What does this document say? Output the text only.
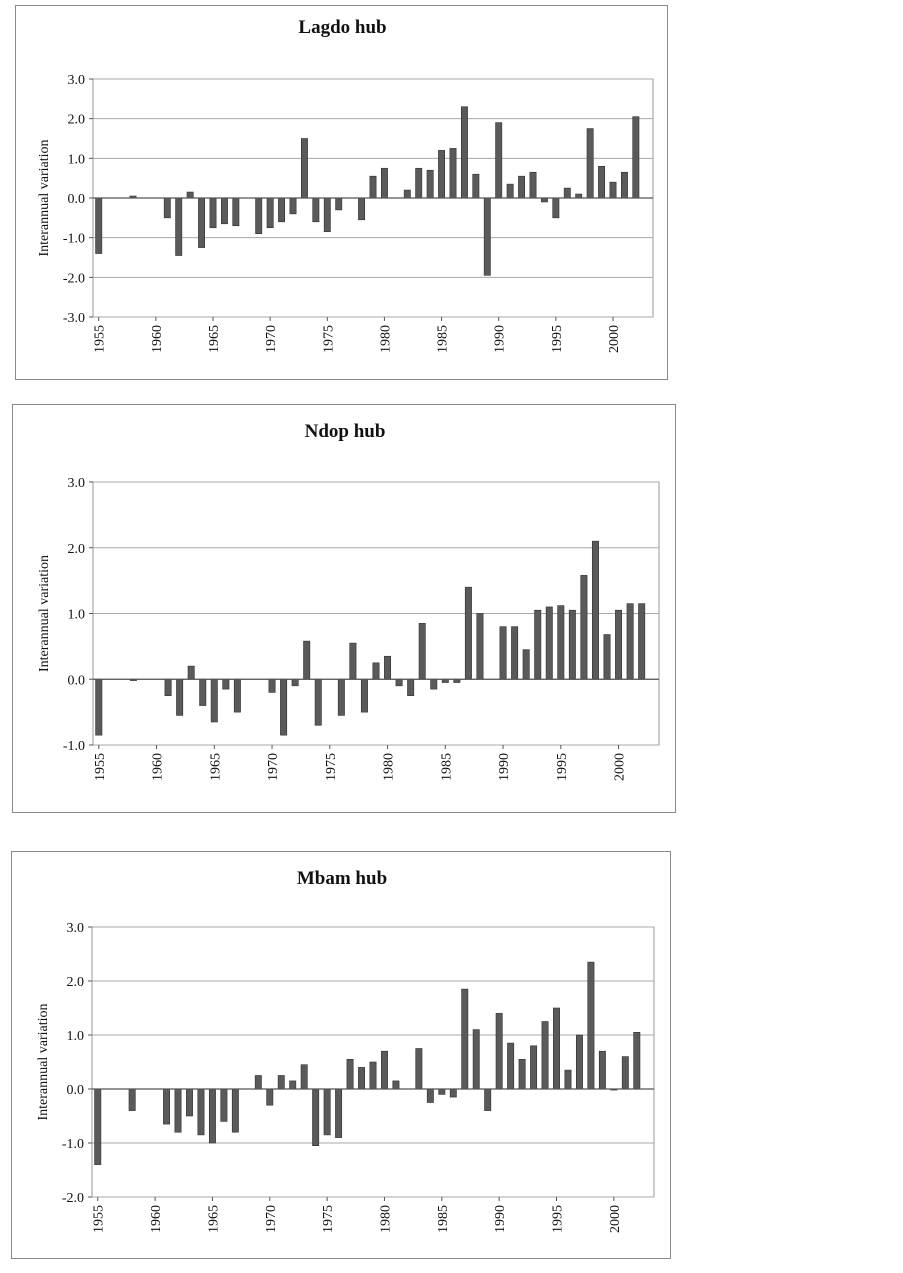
Lagdo hub
3.0
2.0
1.0
0.0
-1.0
-2.0
-3.0
Interannual variation
1955	1960	1965	1970	1975	1980	1985	1990	1995	2000
Ndop hub
3.0
2.0
1.0
0.0
-1.0
Interannual variation
1955	1960	1965	1970	1975	1980	1985	1990	1995	2000
Mbam hub
3.0
2.0
1.0
0.0
-1.0
-2.0
Interannual variation
1955	1960	1965	1970	1975	1980	1985	1990	1995	2000
